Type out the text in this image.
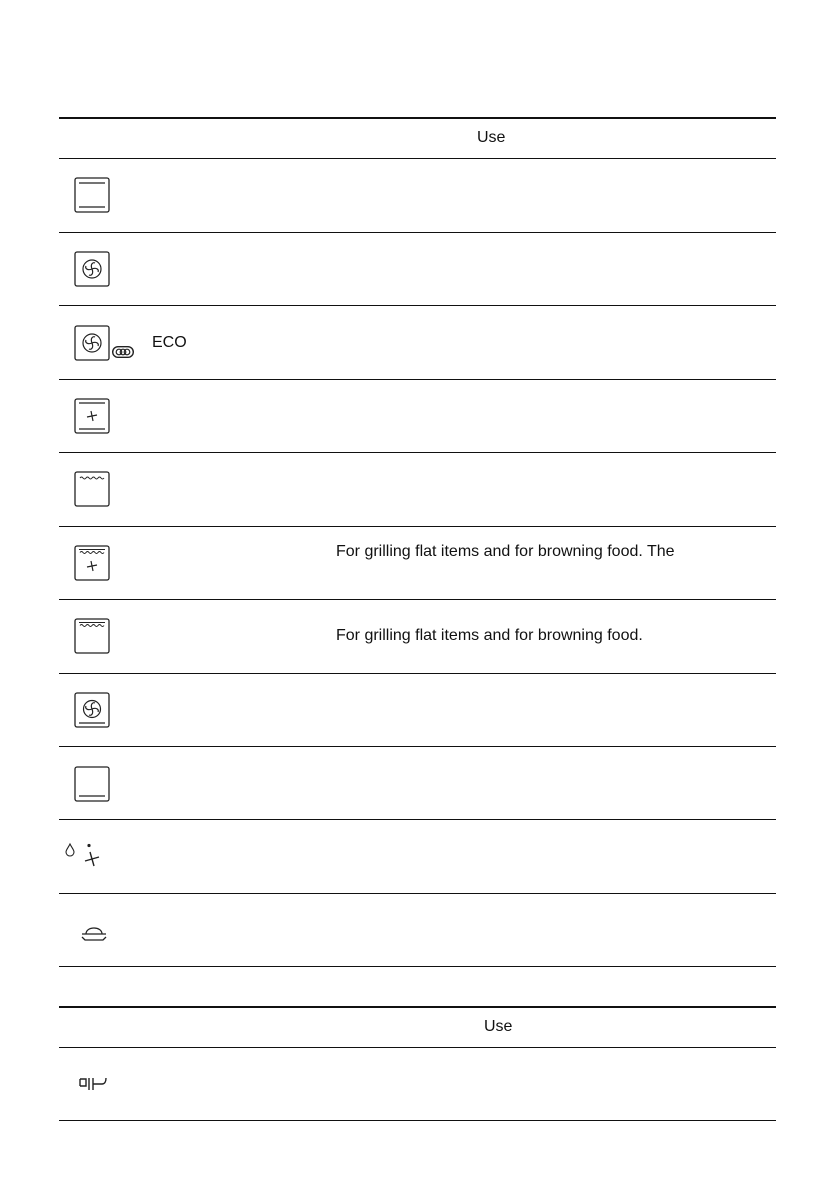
Use
ECO
For grilling flat items and for browning food. The
For grilling flat items and for browning food.
Use
